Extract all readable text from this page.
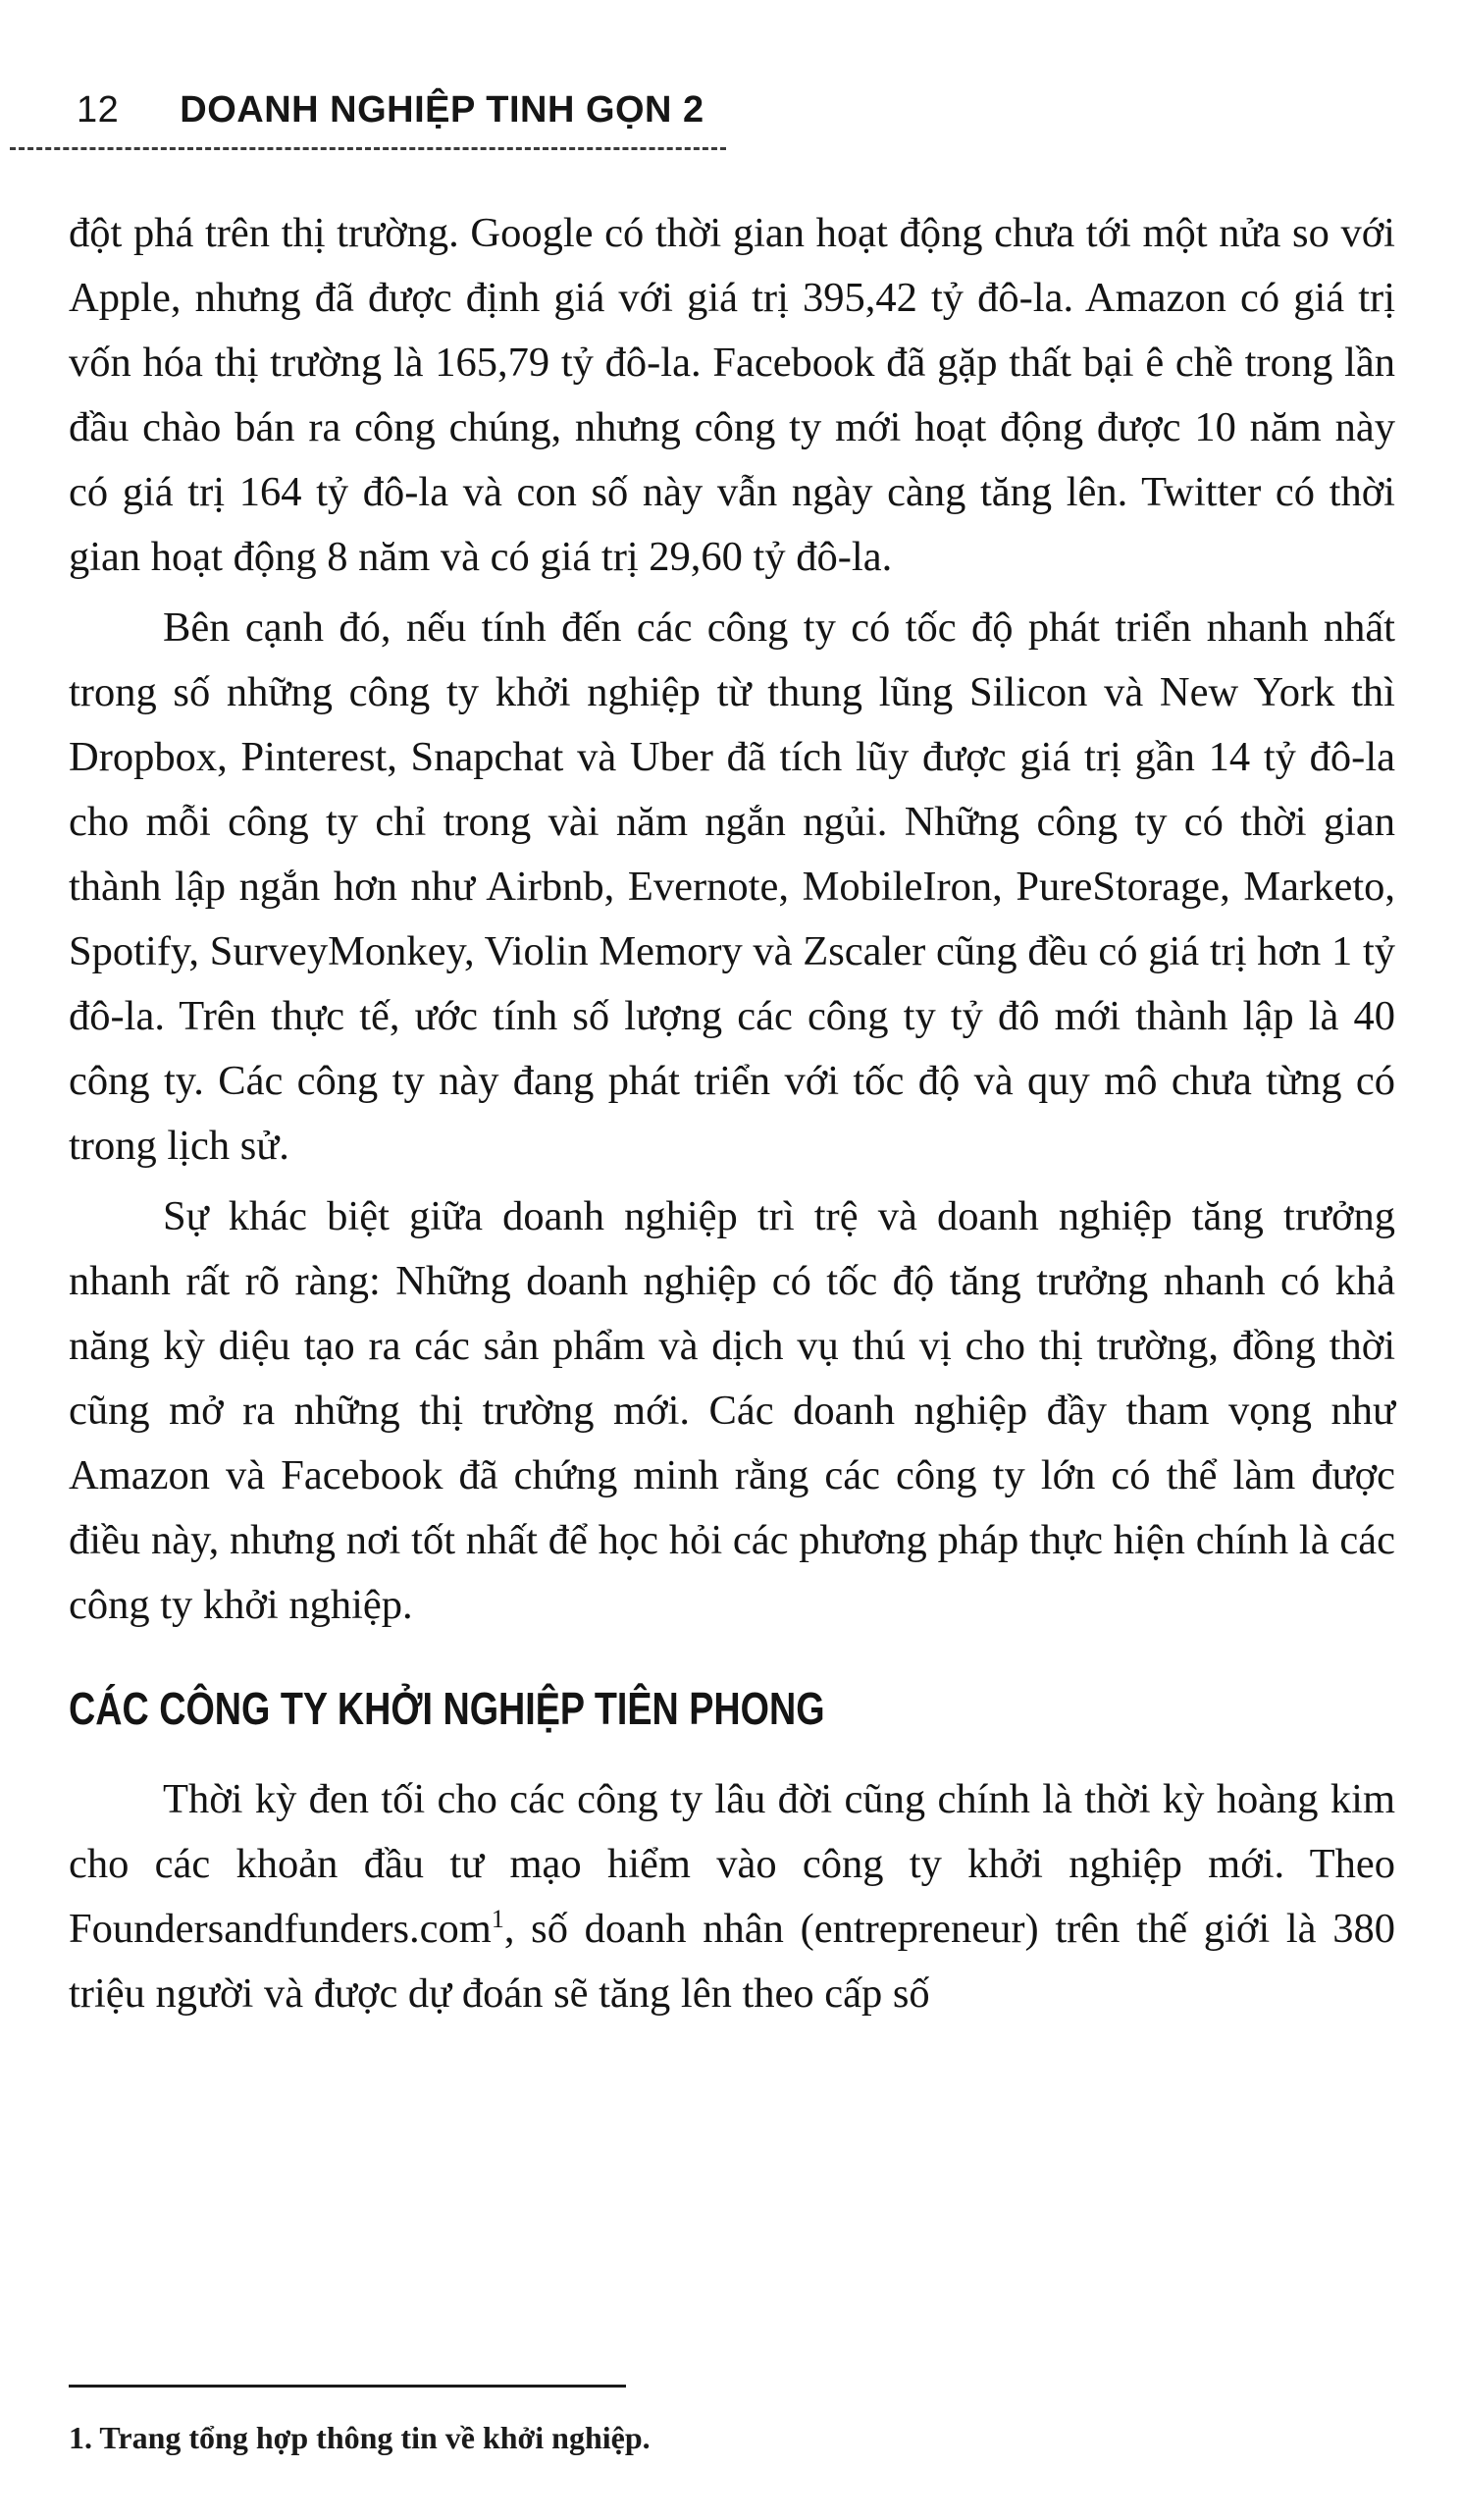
12 DOANH NGHIỆP TINH GỌN 2

đột phá trên thị trường. Google có thời gian hoạt động chưa tới một nửa so với Apple, nhưng đã được định giá với giá trị 395,42 tỷ đô-la. Amazon có giá trị vốn hóa thị trường là 165,79 tỷ đô-la. Facebook đã gặp thất bại ê chề trong lần đầu chào bán ra công chúng, nhưng công ty mới hoạt động được 10 năm này có giá trị 164 tỷ đô-la và con số này vẫn ngày càng tăng lên. Twitter có thời gian hoạt động 8 năm và có giá trị 29,60 tỷ đô-la.

Bên cạnh đó, nếu tính đến các công ty có tốc độ phát triển nhanh nhất trong số những công ty khởi nghiệp từ thung lũng Silicon và New York thì Dropbox, Pinterest, Snapchat và Uber đã tích lũy được giá trị gần 14 tỷ đô-la cho mỗi công ty chỉ trong vài năm ngắn ngủi. Những công ty có thời gian thành lập ngắn hơn như Airbnb, Evernote, MobileIron, PureStorage, Marketo, Spotify, SurveyMonkey, Violin Memory và Zscaler cũng đều có giá trị hơn 1 tỷ đô-la. Trên thực tế, ước tính số lượng các công ty tỷ đô mới thành lập là 40 công ty. Các công ty này đang phát triển với tốc độ và quy mô chưa từng có trong lịch sử.

Sự khác biệt giữa doanh nghiệp trì trệ và doanh nghiệp tăng trưởng nhanh rất rõ ràng: Những doanh nghiệp có tốc độ tăng trưởng nhanh có khả năng kỳ diệu tạo ra các sản phẩm và dịch vụ thú vị cho thị trường, đồng thời cũng mở ra những thị trường mới. Các doanh nghiệp đầy tham vọng như Amazon và Facebook đã chứng minh rằng các công ty lớn có thể làm được điều này, nhưng nơi tốt nhất để học hỏi các phương pháp thực hiện chính là các công ty khởi nghiệp.

CÁC CÔNG TY KHỞI NGHIỆP TIÊN PHONG

Thời kỳ đen tối cho các công ty lâu đời cũng chính là thời kỳ hoàng kim cho các khoản đầu tư mạo hiểm vào công ty khởi nghiệp mới. Theo Foundersandfunders.com$^1$, số doanh nhân (entrepreneur) trên thế giới là 380 triệu người và được dự đoán sẽ tăng lên theo cấp số

1. Trang tổng hợp thông tin về khởi nghiệp.
